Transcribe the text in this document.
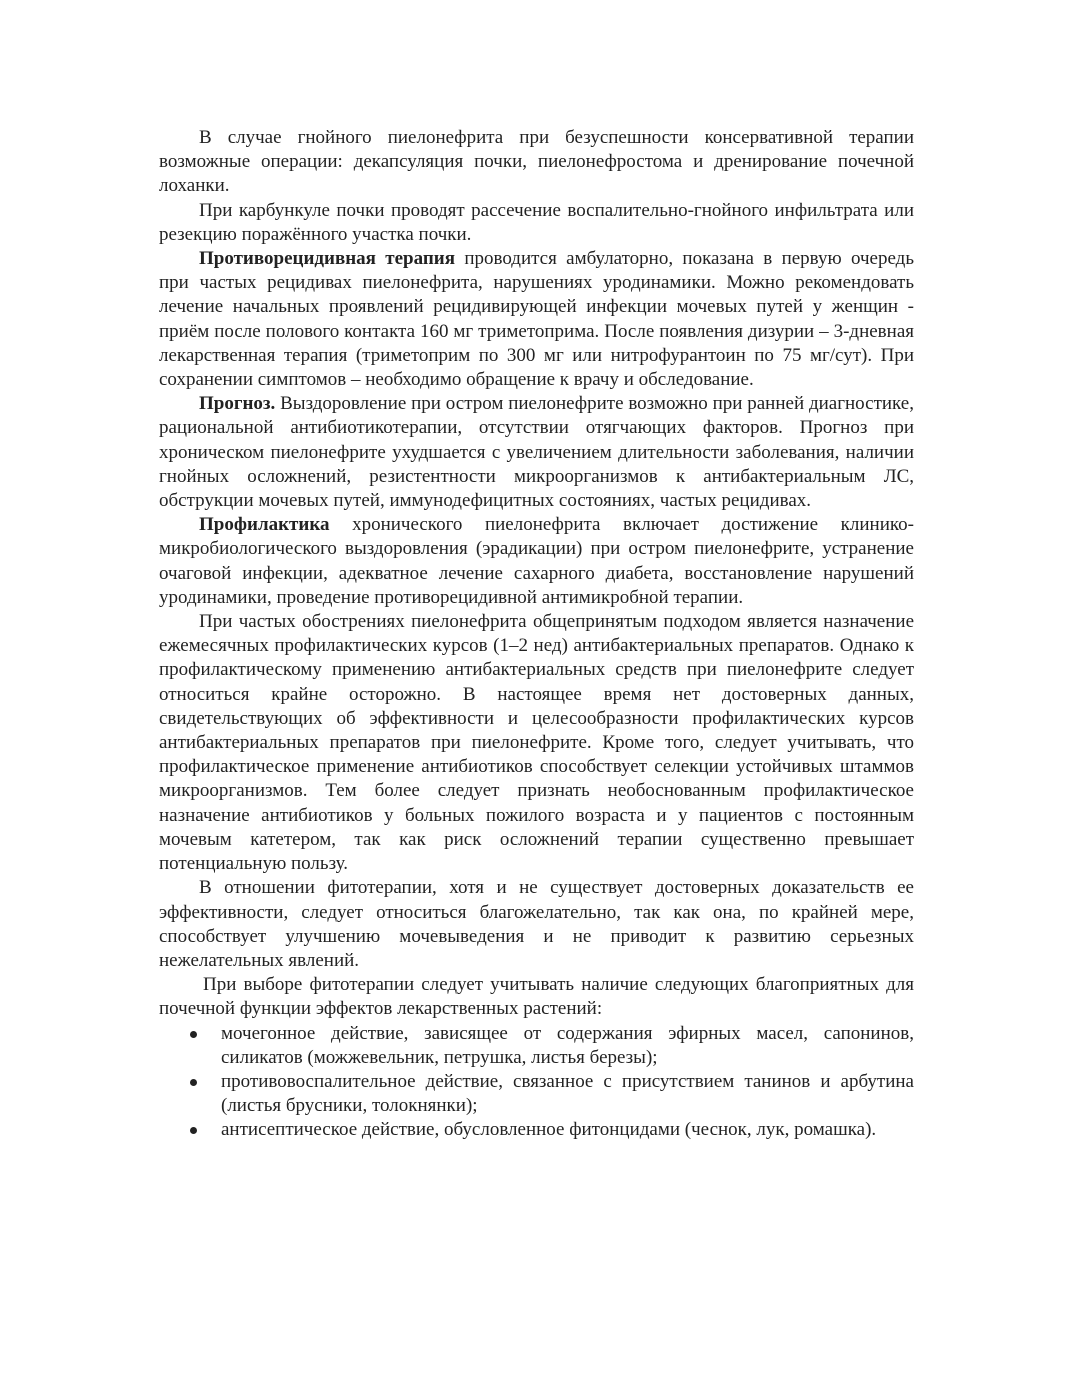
В случае гнойного пиелонефрита при безуспешности консервативной терапии возможные операции: декапсуляция почки, пиелонефростома и дренирование почечной лоханки.

При карбункуле почки проводят рассечение воспалительно-гнойного инфильтрата или резекцию поражённого участка почки.

Противорецидивная терапия проводится амбулаторно, показана в первую очередь при частых рецидивах пиелонефрита, нарушениях уродинамики. Можно рекомендовать лечение начальных проявлений рецидивирующей инфекции мочевых путей у женщин - приём после полового контакта 160 мг триметоприма. После появления дизурии – 3-дневная лекарственная терапия (триметоприм по 300 мг или нитрофурантоин по 75 мг/сут). При сохранении симптомов – необходимо обращение к врачу и обследование.

Прогноз. Выздоровление при остром пиелонефрите возможно при ранней диагностике, рациональной антибиотикотерапии, отсутствии отягчающих факторов. Прогноз при хроническом пиелонефрите ухудшается с увеличением длительности заболевания, наличии гнойных осложнений, резистентности микроорганизмов к антибактериальным ЛС, обструкции мочевых путей, иммунодефицитных состояниях, частых рецидивах.

Профилактика хронического пиелонефрита включает достижение клинико-микробиологического выздоровления (эрадикации) при остром пиелонефрите, устранение очаговой инфекции, адекватное лечение сахарного диабета, восстановление нарушений уродинамики, проведение противорецидивной антимикробной терапии.

При частых обострениях пиелонефрита общепринятым подходом является назначение ежемесячных профилактических курсов (1–2 нед) антибактериальных препаратов. Однако к профилактическому применению антибактериальных средств при пиелонефрите следует относиться крайне осторожно. В настоящее время нет достоверных данных, свидетельствующих об эффективности и целесообразности профилактических курсов антибактериальных препаратов при пиелонефрите. Кроме того, следует учитывать, что профилактическое применение антибиотиков способствует селекции устойчивых штаммов микроорганизмов. Тем более следует признать необоснованным профилактическое назначение антибиотиков у больных пожилого возраста и у пациентов с постоянным мочевым катетером, так как риск осложнений терапии существенно превышает потенциальную пользу.

В отношении фитотерапии, хотя и не существует достоверных доказательств ее эффективности, следует относиться благожелательно, так как она, по крайней мере, способствует улучшению мочевыведения и не приводит к развитию серьезных нежелательных явлений.

При выборе фитотерапии следует учитывать наличие следующих благоприятных для почечной функции эффектов лекарственных растений:

мочегонное действие, зависящее от содержания эфирных масел, сапонинов, силикатов (можжевельник, петрушка, листья березы);
противовоспалительное действие, связанное с присутствием танинов и арбутина (листья брусники, толокнянки);
антисептическое действие, обусловленное фитонцидами (чеснок, лук, ромашка).
